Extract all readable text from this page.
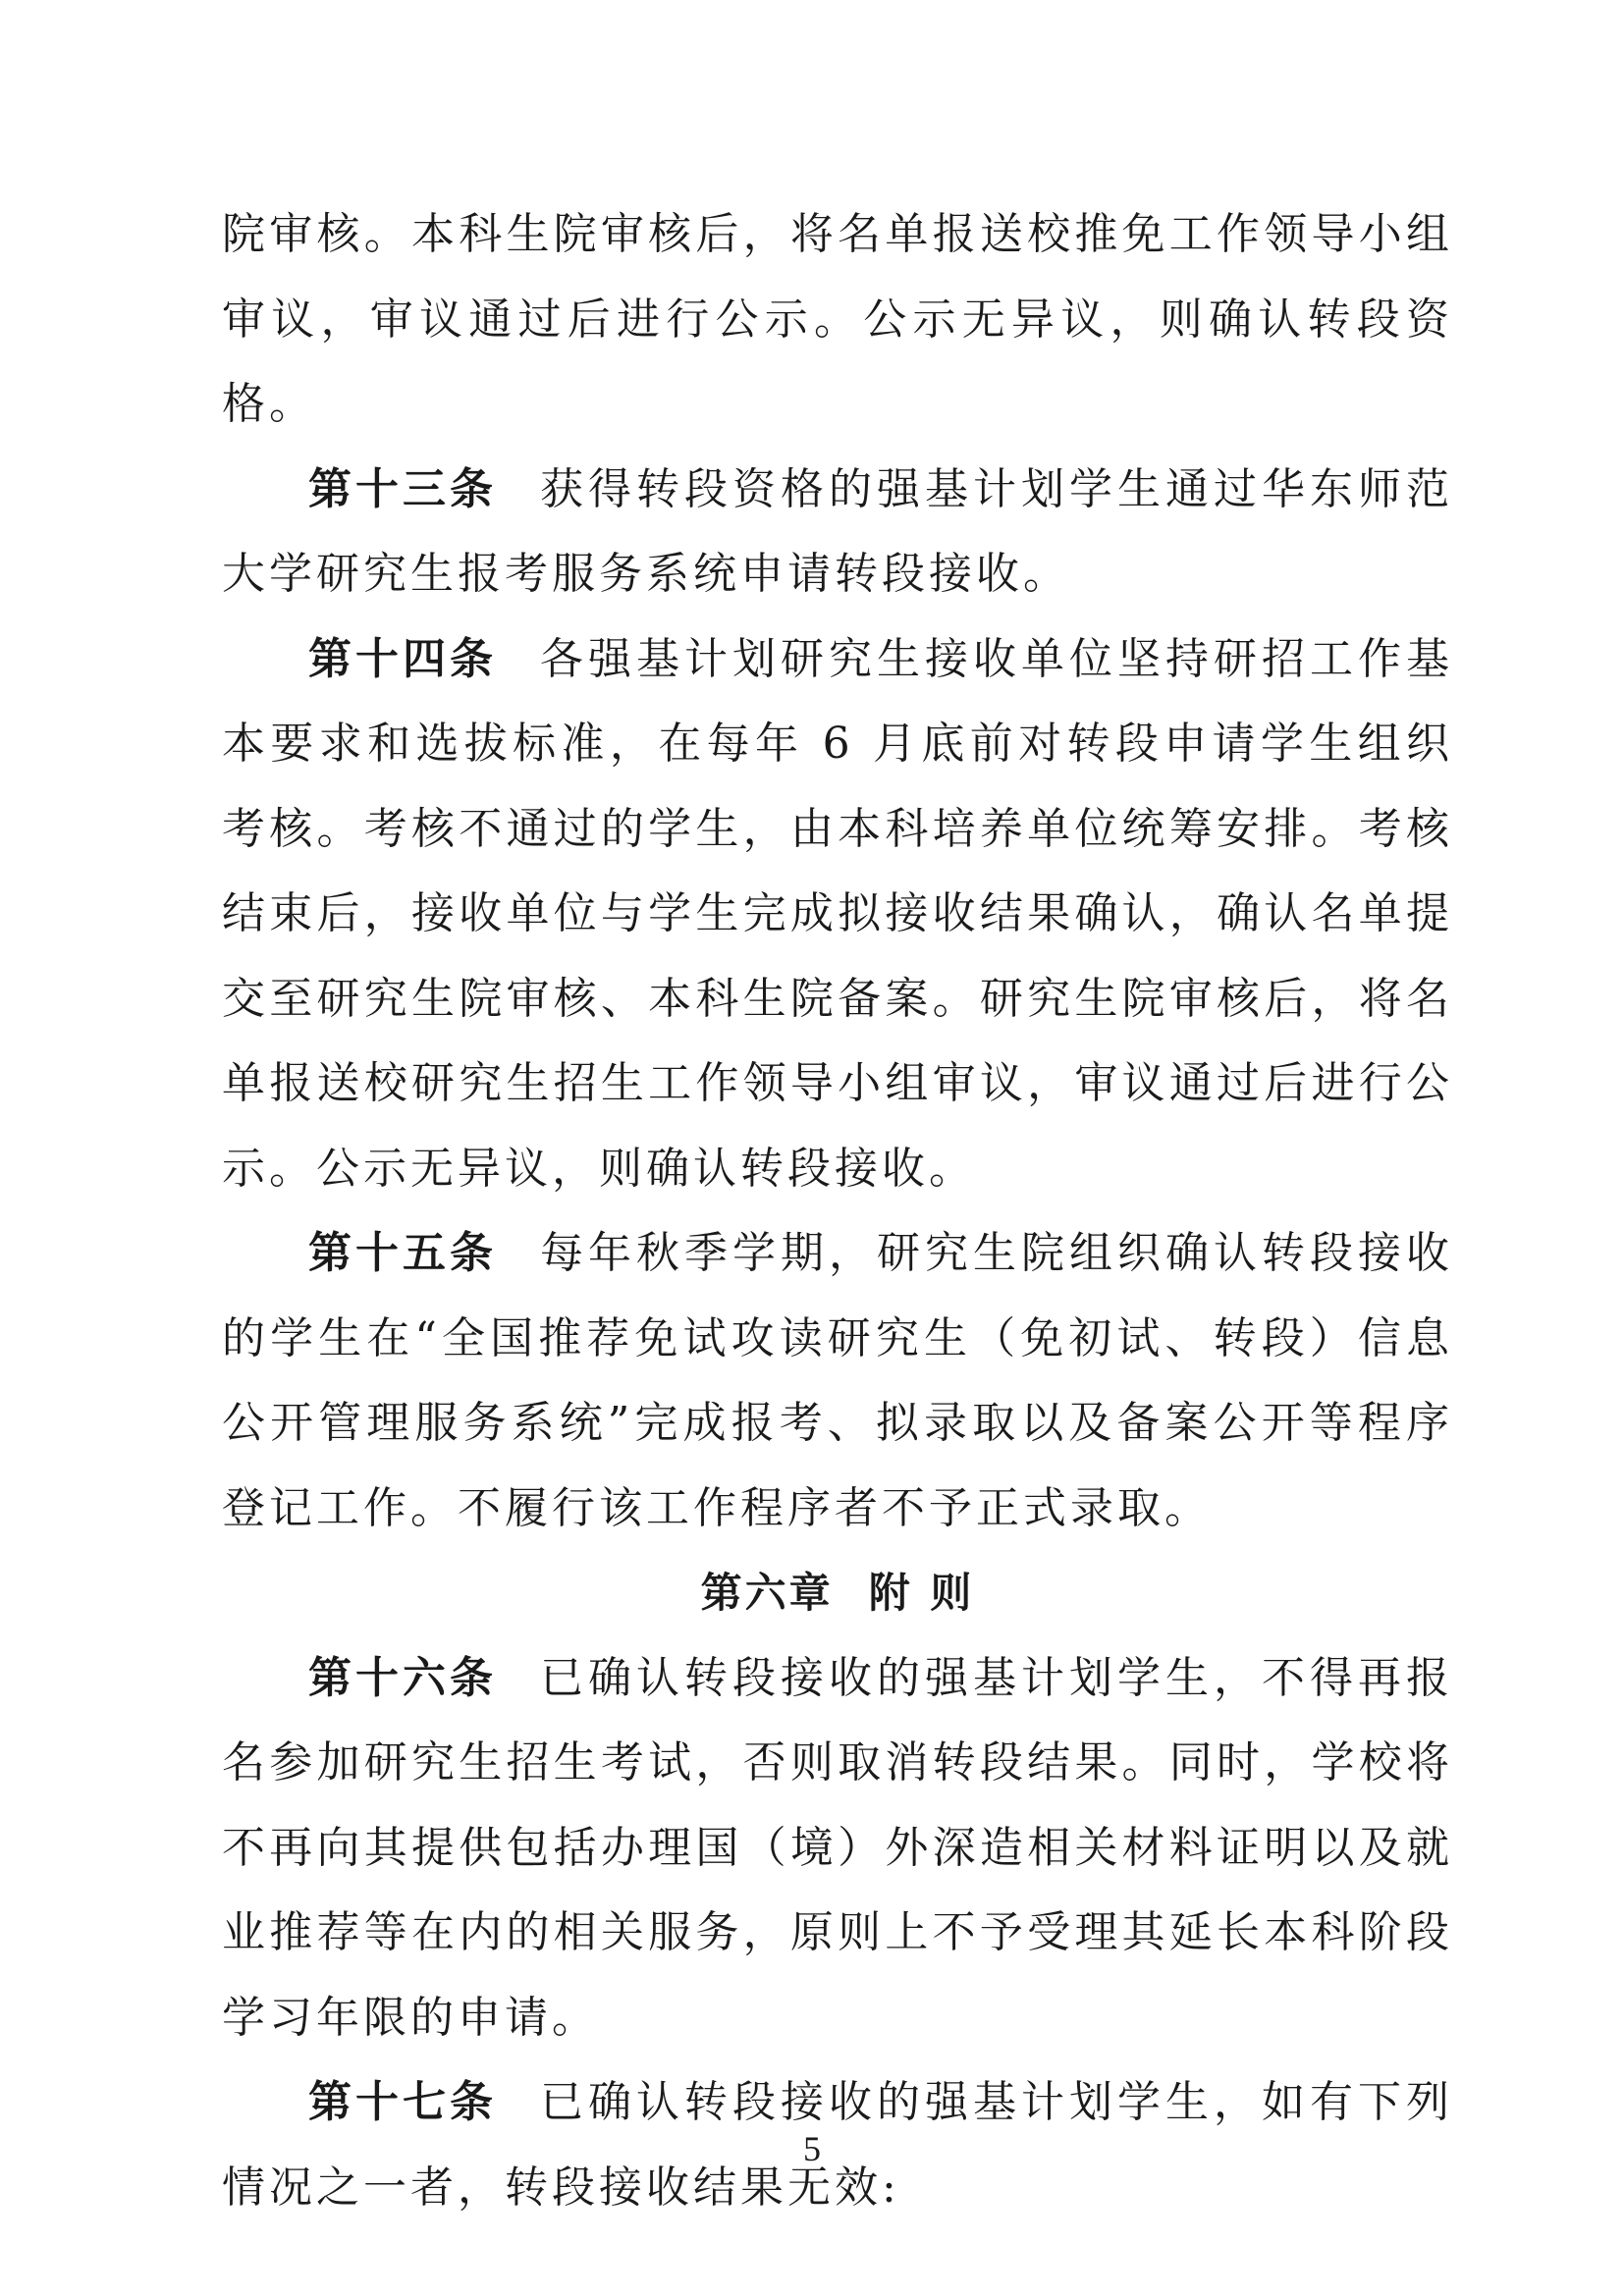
院审核。本科生院审核后，将名单报送校推免工作领导小组审议，审议通过后进行公示。公示无异议，则确认转段资格。

第十三条 获得转段资格的强基计划学生通过华东师范大学研究生报考服务系统申请转段接收。

第十四条 各强基计划研究生接收单位坚持研招工作基本要求和选拔标准，在每年 6 月底前对转段申请学生组织考核。考核不通过的学生，由本科培养单位统筹安排。考核结束后，接收单位与学生完成拟接收结果确认，确认名单提交至研究生院审核、本科生院备案。研究生院审核后，将名单报送校研究生招生工作领导小组审议，审议通过后进行公示。公示无异议，则确认转段接收。

第十五条 每年秋季学期，研究生院组织确认转段接收的学生在“全国推荐免试攻读研究生（免初试、转段）信息公开管理服务系统”完成报考、拟录取以及备案公开等程序登记工作。不履行该工作程序者不予正式录取。

第六章 附 则

第十六条 已确认转段接收的强基计划学生，不得再报名参加研究生招生考试，否则取消转段结果。同时，学校将不再向其提供包括办理国（境）外深造相关材料证明以及就业推荐等在内的相关服务，原则上不予受理其延长本科阶段学习年限的申请。

第十七条 已确认转段接收的强基计划学生，如有下列情况之一者，转段接收结果无效:

5
